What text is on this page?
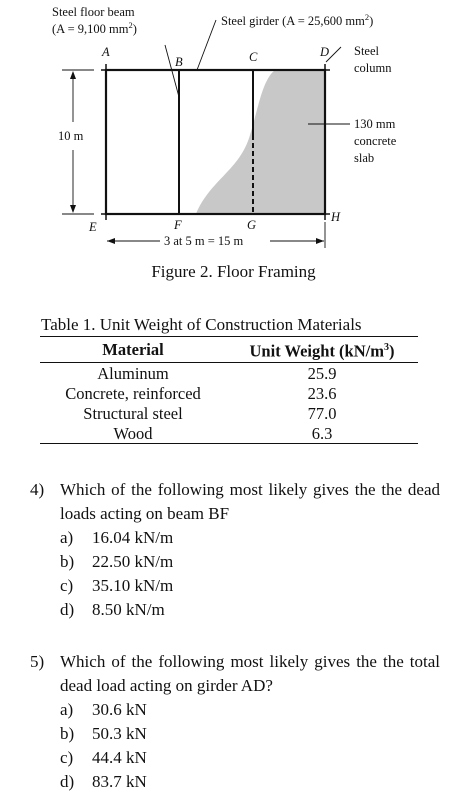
Steel floor beam
(A = 9,100 $mm^2$)
Steel girder (A = 25,600 $mm^2$)
Steel
column
130 mm
concrete
slab
10 m
3 at 5 m = 15 m
A
B	C	D
E	F	G
H
Figure 2. Floor Framing
Table 1. Unit Weight of Construction Materials
Material	Unit Weight $(kN/m^3)$
Aluminum	25.9
Concrete, reinforced	23.6
Structural steel	77.0
Wood	6.3
4) Which of the following most likely gives the the dead loads acting on beam BF
a)	16.04 kN/m
b)	22.50 kN/m
c)	35.10 kN/m
d)	8.50 kN/m
5) Which of the following most likely gives the the total dead load acting on girder AD?
a)	30.6 kN
b)	50.3 kN
c)	44.4 kN
d)	83.7 kN
